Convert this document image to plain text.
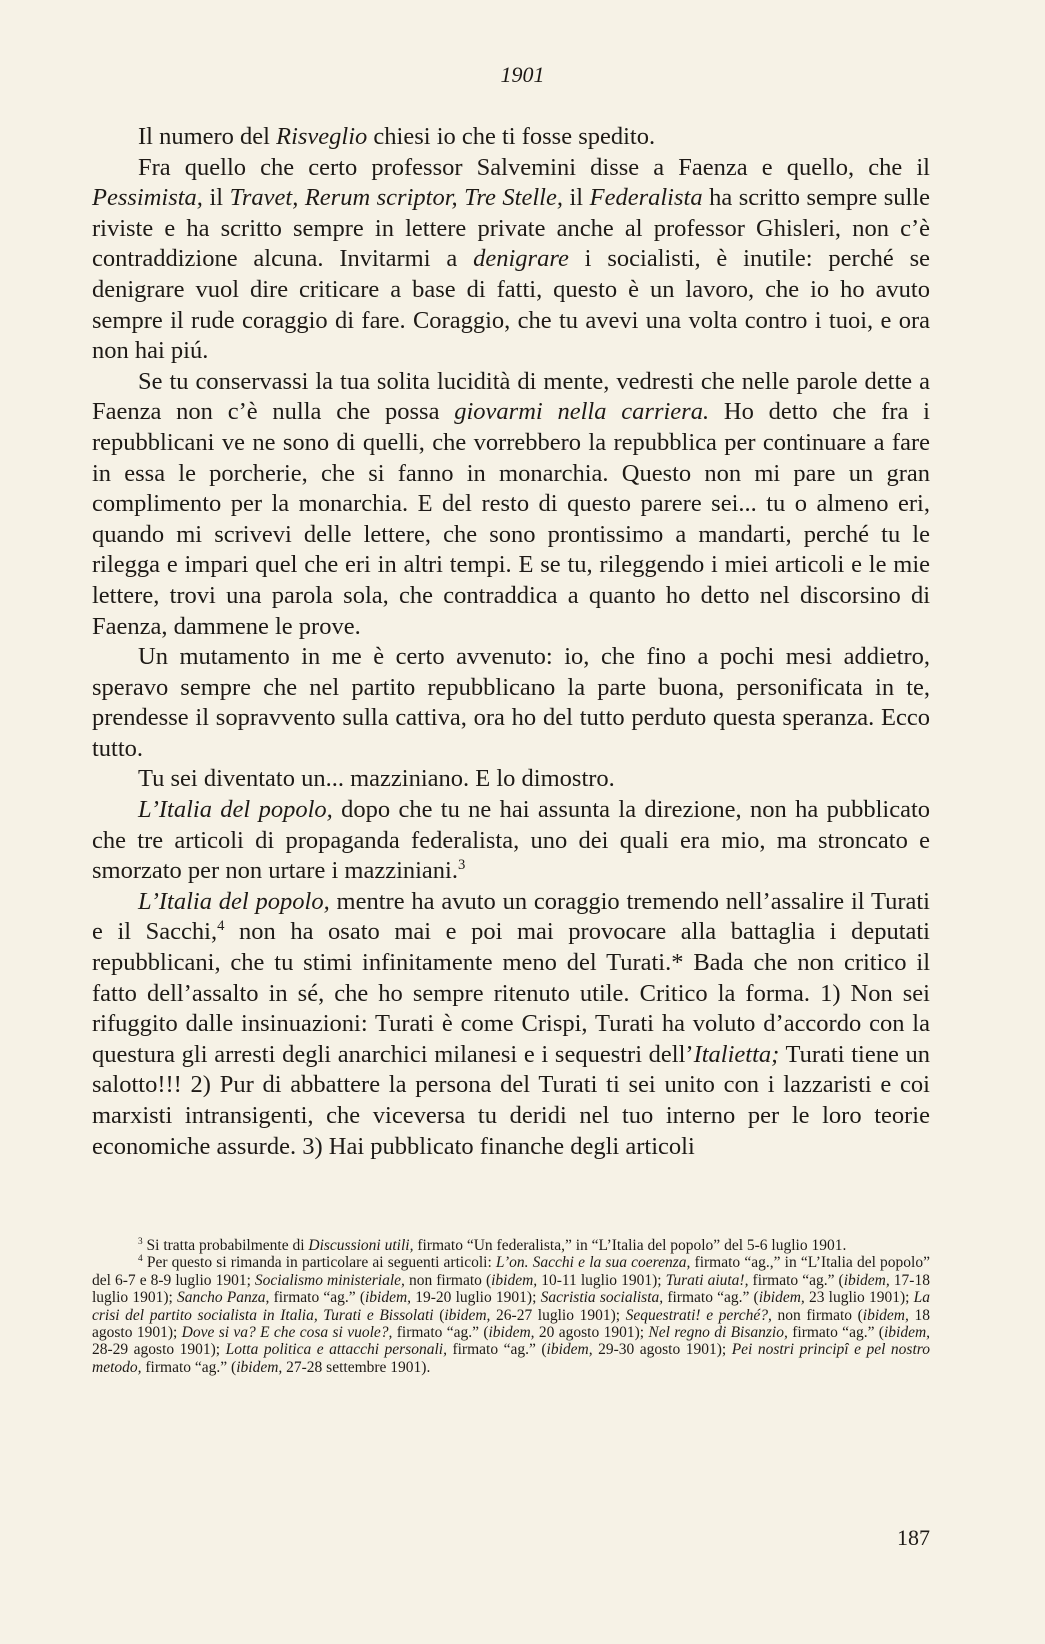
1901

Il numero del Risveglio chiesi io che ti fosse spedito.

Fra quello che certo professor Salvemini disse a Faenza e quello, che il Pessimista, il Travet, Rerum scriptor, Tre Stelle, il Federalista ha scritto sempre sulle riviste e ha scritto sempre in lettere private anche al professor Ghisleri, non c’è contraddizione alcuna. Invitarmi a denigrare i socialisti, è inutile: perché se denigrare vuol dire criticare a base di fatti, questo è un lavoro, che io ho avuto sempre il rude coraggio di fare. Coraggio, che tu avevi una volta contro i tuoi, e ora non hai piú.

Se tu conservassi la tua solita lucidità di mente, vedresti che nelle parole dette a Faenza non c’è nulla che possa giovarmi nella carriera. Ho detto che fra i repubblicani ve ne sono di quelli, che vorrebbero la repubblica per continuare a fare in essa le porcherie, che si fanno in monarchia. Questo non mi pare un gran complimento per la monarchia. E del resto di questo parere sei... tu o almeno eri, quando mi scrivevi delle lettere, che sono prontissimo a mandarti, perché tu le rilegga e impari quel che eri in altri tempi. E se tu, rileggendo i miei articoli e le mie lettere, trovi una parola sola, che contraddica a quanto ho detto nel discorsino di Faenza, dammene le prove.

Un mutamento in me è certo avvenuto: io, che fino a pochi mesi addietro, speravo sempre che nel partito repubblicano la parte buona, personificata in te, prendesse il sopravvento sulla cattiva, ora ho del tutto perduto questa speranza. Ecco tutto.

Tu sei diventato un... mazziniano. E lo dimostro.

L’Italia del popolo, dopo che tu ne hai assunta la direzione, non ha pubblicato che tre articoli di propaganda federalista, uno dei quali era mio, ma stroncato e smorzato per non urtare i mazziniani.$^3$

L’Italia del popolo, mentre ha avuto un coraggio tremendo nell’assalire il Turati e il Sacchi,$^4$ non ha osato mai e poi mai provocare alla battaglia i deputati repubblicani, che tu stimi infinitamente meno del Turati.* Bada che non critico il fatto dell’assalto in sé, che ho sempre ritenuto utile. Critico la forma. 1) Non sei rifuggito dalle insinuazioni: Turati è come Crispi, Turati ha voluto d’accordo con la questura gli arresti degli anarchici milanesi e i sequestri dell’Italietta; Turati tiene un salotto!!! 2) Pur di abbattere la persona del Turati ti sei unito con i lazzaristi e coi marxisti intransigenti, che viceversa tu deridi nel tuo interno per le loro teorie economiche assurde. 3) Hai pubblicato finanche degli articoli

$^3$ Si tratta probabilmente di Discussioni utili, firmato “Un federalista,” in “L’Italia del popolo” del 5-6 luglio 1901.

$^4$ Per questo si rimanda in particolare ai seguenti articoli: L’on. Sacchi e la sua coerenza, firmato “ag.,” in “L’Italia del popolo” del 6-7 e 8-9 luglio 1901; Socialismo ministeriale, non firmato (ibidem, 10-11 luglio 1901); Turati aiuta!, firmato “ag.” (ibidem, 17-18 luglio 1901); Sancho Panza, firmato “ag.” (ibidem, 19-20 luglio 1901); Sacristia socialista, firmato “ag.” (ibidem, 23 luglio 1901); La crisi del partito socialista in Italia, Turati e Bissolati (ibidem, 26-27 luglio 1901); Sequestrati! e perché?, non firmato (ibidem, 18 agosto 1901); Dove si va? E che cosa si vuole?, firmato “ag.” (ibidem, 20 agosto 1901); Nel regno di Bisanzio, firmato “ag.” (ibidem, 28-29 agosto 1901); Lotta politica e attacchi personali, firmato “ag.” (ibidem, 29-30 agosto 1901); Pei nostri principî e pel nostro metodo, firmato “ag.” (ibidem, 27-28 settembre 1901).

187
